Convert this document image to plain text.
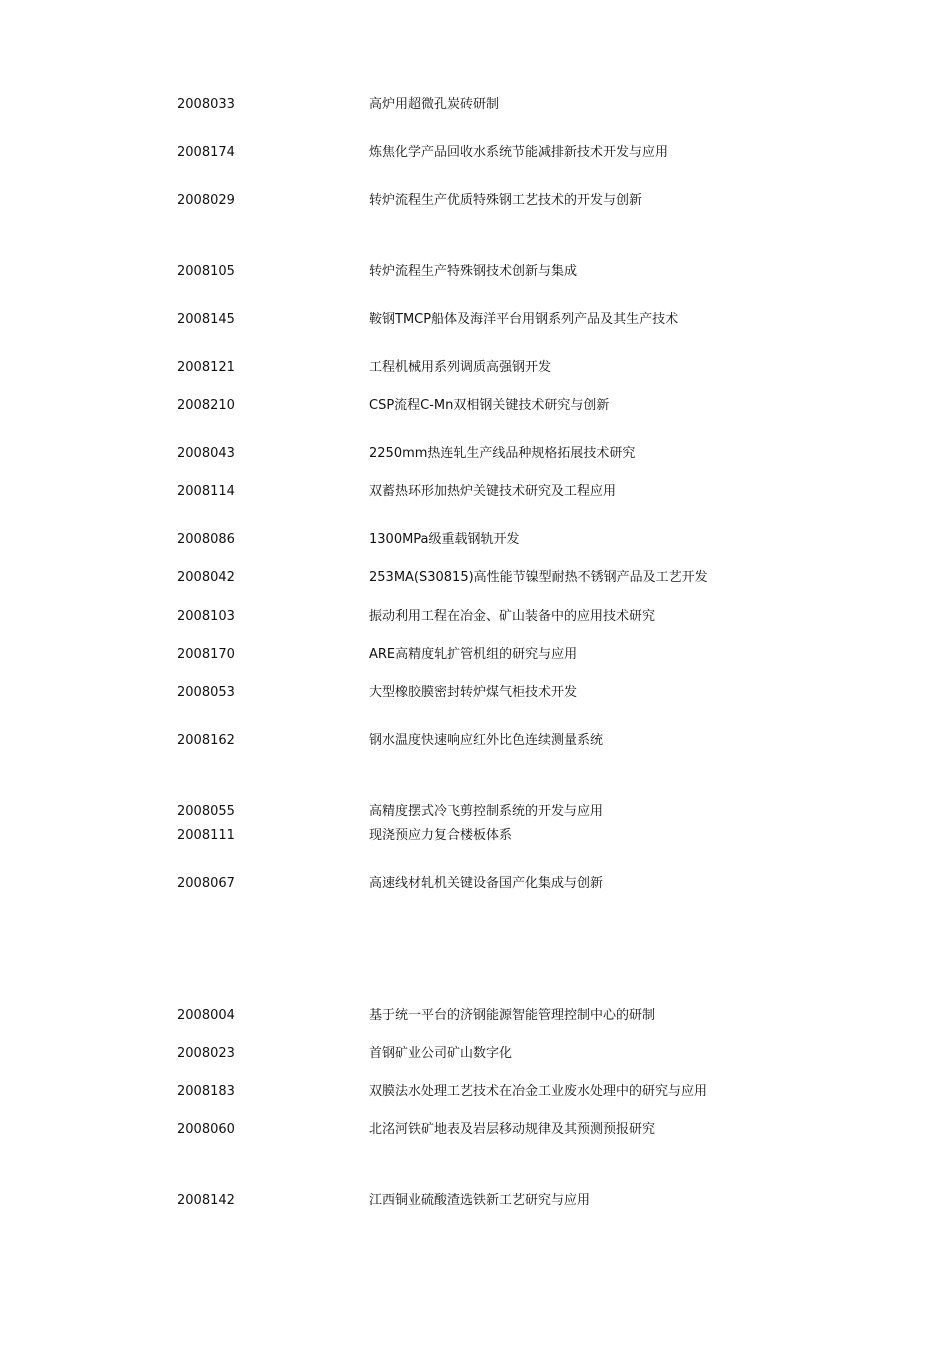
2008033	高炉用超微孔炭砖研制
2008174	炼焦化学产品回收水系统节能减排新技术开发与应用
2008029	转炉流程生产优质特殊钢工艺技术的开发与创新
2008105	转炉流程生产特殊钢技术创新与集成
2008145	鞍钢TMCP船体及海洋平台用钢系列产品及其生产技术
2008121	工程机械用系列调质高强钢开发
2008210	CSP流程C-Mn双相钢关键技术研究与创新
2008043	2250mm热连轧生产线品种规格拓展技术研究
2008114	双蓄热环形加热炉关键技术研究及工程应用
2008086	1300MPa级重载钢轨开发
2008042	253MA(S30815)高性能节镍型耐热不锈钢产品及工艺开发
2008103	振动利用工程在冶金、矿山装备中的应用技术研究
2008170	ARE高精度轧扩管机组的研究与应用
2008053	大型橡胶膜密封转炉煤气柜技术开发
2008162	钢水温度快速响应红外比色连续测量系统
2008055	高精度摆式冷飞剪控制系统的开发与应用
2008111	现浇预应力复合楼板体系
2008067	高速线材轧机关键设备国产化集成与创新
2008004	基于统一平台的济钢能源智能管理控制中心的研制
2008023	首钢矿业公司矿山数字化
2008183	双膜法水处理工艺技术在冶金工业废水处理中的研究与应用
2008060	北洺河铁矿地表及岩层移动规律及其预测预报研究
2008142	江西铜业硫酸渣选铁新工艺研究与应用
